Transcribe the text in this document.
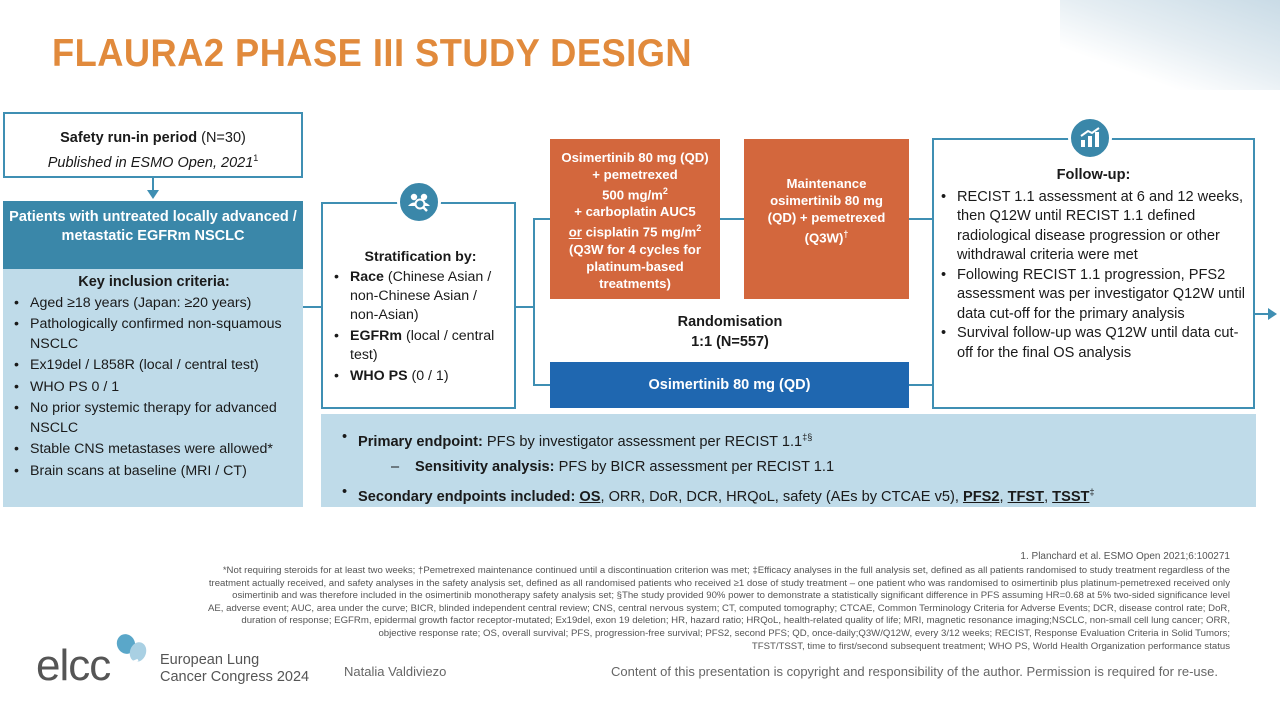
FLAURA2 PHASE III STUDY DESIGN
Safety run-in period (N=30)
Published in ESMO Open, 2021$^1$
Patients with untreated locally advanced / metastatic EGFRm NSCLC
Key inclusion criteria:
• Aged ≥18 years (Japan: ≥20 years)
• Pathologically confirmed non-squamous NSCLC
• Ex19del / L858R (local / central test)
• WHO PS 0 / 1
• No prior systemic therapy for advanced NSCLC
• Stable CNS metastases were allowed*
• Brain scans at baseline (MRI / CT)
Stratification by:
• Race (Chinese Asian / non-Chinese Asian / non-Asian)
• EGFRm (local / central test)
• WHO PS (0 / 1)
Osimertinib 80 mg (QD)
+ pemetrexed
500 $mg/m^2$
+ carboplatin AUC5
or cisplatin 75 $mg/m^2$
(Q3W for 4 cycles for platinum-based treatments)
Maintenance osimertinib 80 mg (QD) + pemetrexed (Q3W)†
Randomisation
1:1 (N=557)
Osimertinib 80 mg (QD)
Follow-up:
• RECIST 1.1 assessment at 6 and 12 weeks, then Q12W until RECIST 1.1 defined radiological disease progression or other withdrawal criteria were met
• Following RECIST 1.1 progression, PFS2 assessment was per investigator Q12W until data cut-off for the primary analysis
• Survival follow-up was Q12W until data cut-off for the final OS analysis
• Primary endpoint: PFS by investigator assessment per RECIST 1.1‡§
– Sensitivity analysis: PFS by BICR assessment per RECIST 1.1
• Secondary endpoints included: OS, ORR, DoR, DCR, HRQoL, safety (AEs by CTCAE v5), PFS2, TFST, TSST‡
1. Planchard et al. ESMO Open 2021;6:100271
*Not requiring steroids for at least two weeks; †Pemetrexed maintenance continued until a discontinuation criterion was met; ‡Efficacy analyses in the full analysis set, defined as all patients randomised to study treatment regardless of the
treatment actually received, and safety analyses in the safety analysis set, defined as all randomised patients who received ≥1 dose of study treatment – one patient who was randomised to osimertinib plus platinum-pemetrexed received only
osimertinib and was therefore included in the osimertinib monotherapy safety analysis set; §The study provided 90% power to demonstrate a statistically significant difference in PFS assuming HR=0.68 at 5% two-sided significance level
AE, adverse event; AUC, area under the curve; BICR, blinded independent central review; CNS, central nervous system; CT, computed tomography; CTCAE, Common Terminology Criteria for Adverse Events; DCR, disease control rate; DoR,
duration of response; EGFRm, epidermal growth factor receptor-mutated; Ex19del, exon 19 deletion; HR, hazard ratio; HRQoL, health-related quality of life; MRI, magnetic resonance imaging;NSCLC, non-small cell lung cancer; ORR,
objective response rate; OS, overall survival; PFS, progression-free survival; PFS2, second PFS; QD, once-daily;Q3W/Q12W, every 3/12 weeks; RECIST, Response Evaluation Criteria in Solid Tumors;
TFST/TSST, time to first/second subsequent treatment; WHO PS, World Health Organization performance status
elcc	European Lung
Cancer Congress 2024	Natalia Valdiviezo	Content of this presentation is copyright and responsibility of the author. Permission is required for re-use.
